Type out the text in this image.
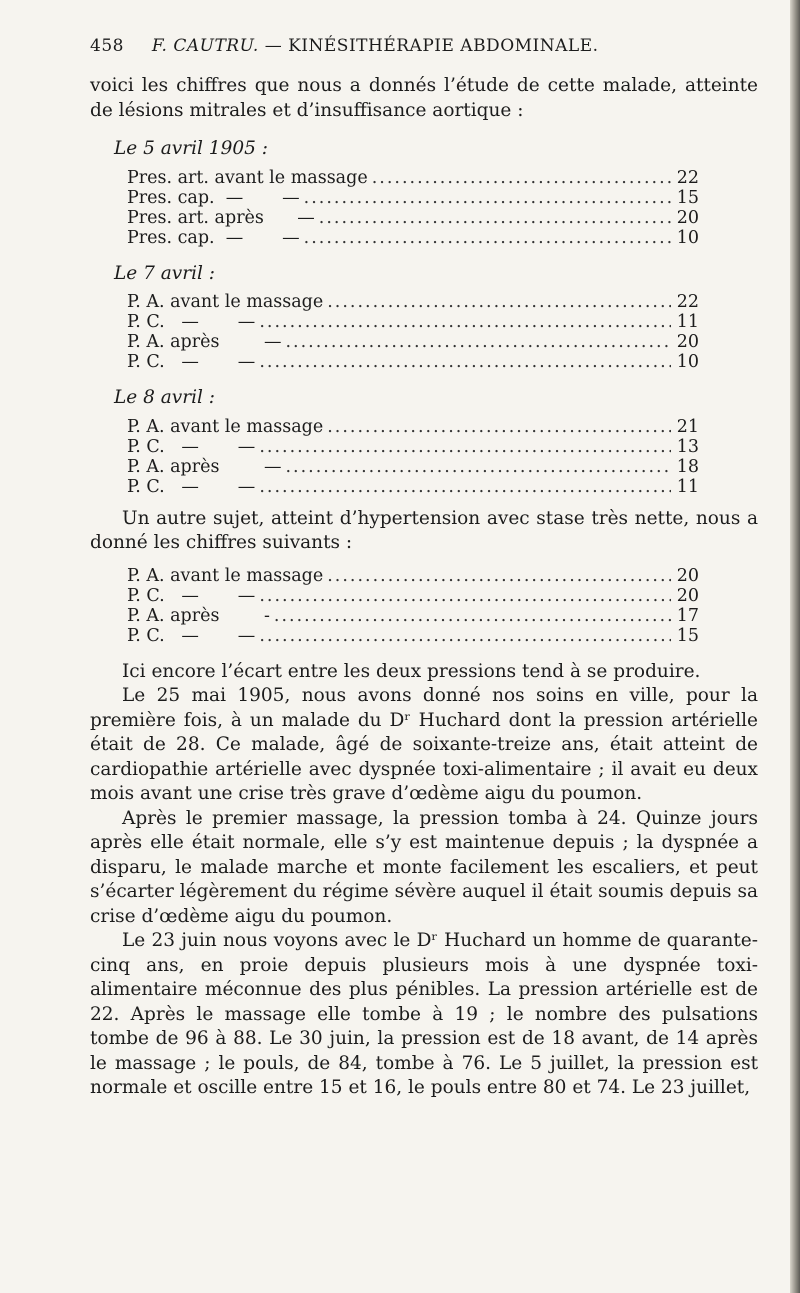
458 F. CAUTRU. — KINÉSITHÉRAPIE ABDOMINALE.

voici les chiffres que nous a donnés l’étude de cette malade, atteinte de lésions mitrales et d’insuffisance aortique :

Le 5 avril 1905 :
Pres. art. avant le massage .....	22
Pres. cap.  —       — .....	15
Pres. art. après      — .....	20
Pres. cap.  —       — .....	10
Le 7 avril :
P. A. avant le massage .....	22
P. C.   —       — .....	11
P. A. après        — .....	20
P. C.   —       — .....	10
Le 8 avril :
P. A. avant le massage .....	21
P. C.   —       — .....	13
P. A. après        — .....	18
P. C.   —       — .....	11

Un autre sujet, atteint d’hypertension avec stase très nette, nous a donné les chiffres suivants :

P. A. avant le massage .....	20
P. C.   —       — .....	20
P. A. après        - .....	17
P. C.   —       — .....	15

Ici encore l’écart entre les deux pressions tend à se produire.

Le 25 mai 1905, nous avons donné nos soins en ville, pour la première fois, à un malade du Dʳ Huchard dont la pression artérielle était de 28. Ce malade, âgé de soixante-treize ans, était atteint de cardiopathie artérielle avec dyspnée toxi-alimentaire ; il avait eu deux mois avant une crise très grave d’œdème aigu du poumon.

Après le premier massage, la pression tomba à 24. Quinze jours après elle était normale, elle s’y est maintenue depuis ; la dyspnée a disparu, le malade marche et monte facilement les escaliers, et peut s’écarter légèrement du régime sévère auquel il était soumis depuis sa crise d’œdème aigu du poumon.

Le 23 juin nous voyons avec le Dʳ Huchard un homme de quarante-cinq ans, en proie depuis plusieurs mois à une dyspnée toxi-alimentaire méconnue des plus pénibles. La pression artérielle est de 22. Après le massage elle tombe à 19 ; le nombre des pulsations tombe de 96 à 88. Le 30 juin, la pression est de 18 avant, de 14 après le massage ; le pouls, de 84, tombe à 76. Le 5 juillet, la pression est normale et oscille entre 15 et 16, le pouls entre 80 et 74. Le 23 juillet,
